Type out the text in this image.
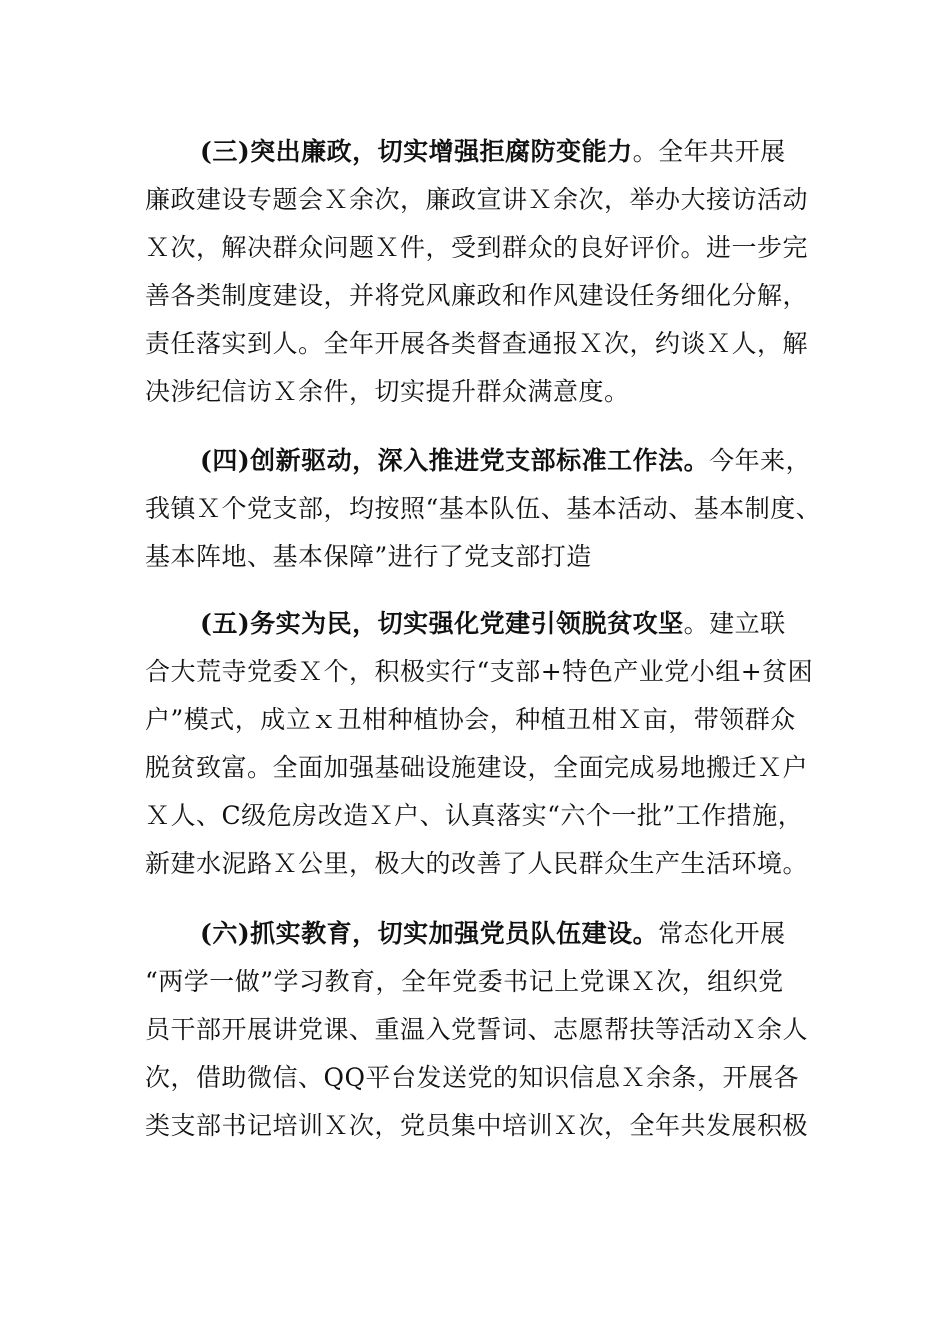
(三)突出廉政，切实增强拒腐防变能力。全年共开展
廉政建设专题会Ｘ余次，廉政宣讲Ｘ余次，举办大接访活动
Ｘ次，解决群众问题Ｘ件，受到群众的良好评价。进一步完
善各类制度建设，并将党风廉政和作风建设任务细化分解，
责任落实到人。全年开展各类督查通报Ｘ次，约谈Ｘ人，解
决涉纪信访Ｘ余件，切实提升群众满意度。
(四)创新驱动，深入推进党支部标准工作法。今年来，
我镇Ｘ个党支部，均按照“基本队伍、基本活动、基本制度、
基本阵地、基本保障”进行了党支部打造
(五)务实为民，切实强化党建引领脱贫攻坚。建立联
合大荒寺党委Ｘ个，积极实行“支部+特色产业党小组+贫困
户”模式，成立ｘ丑柑种植协会，种植丑柑Ｘ亩，带领群众
脱贫致富。全面加强基础设施建设，全面完成易地搬迁Ｘ户
Ｘ人、C级危房改造Ｘ户、认真落实“六个一批”工作措施，
新建水泥路Ｘ公里，极大的改善了人民群众生产生活环境。
(六)抓实教育，切实加强党员队伍建设。常态化开展
“两学一做”学习教育，全年党委书记上党课Ｘ次，组织党
员干部开展讲党课、重温入党誓词、志愿帮扶等活动Ｘ余人
次，借助微信、QQ平台发送党的知识信息Ｘ余条，开展各
类支部书记培训Ｘ次，党员集中培训Ｘ次，全年共发展积极
